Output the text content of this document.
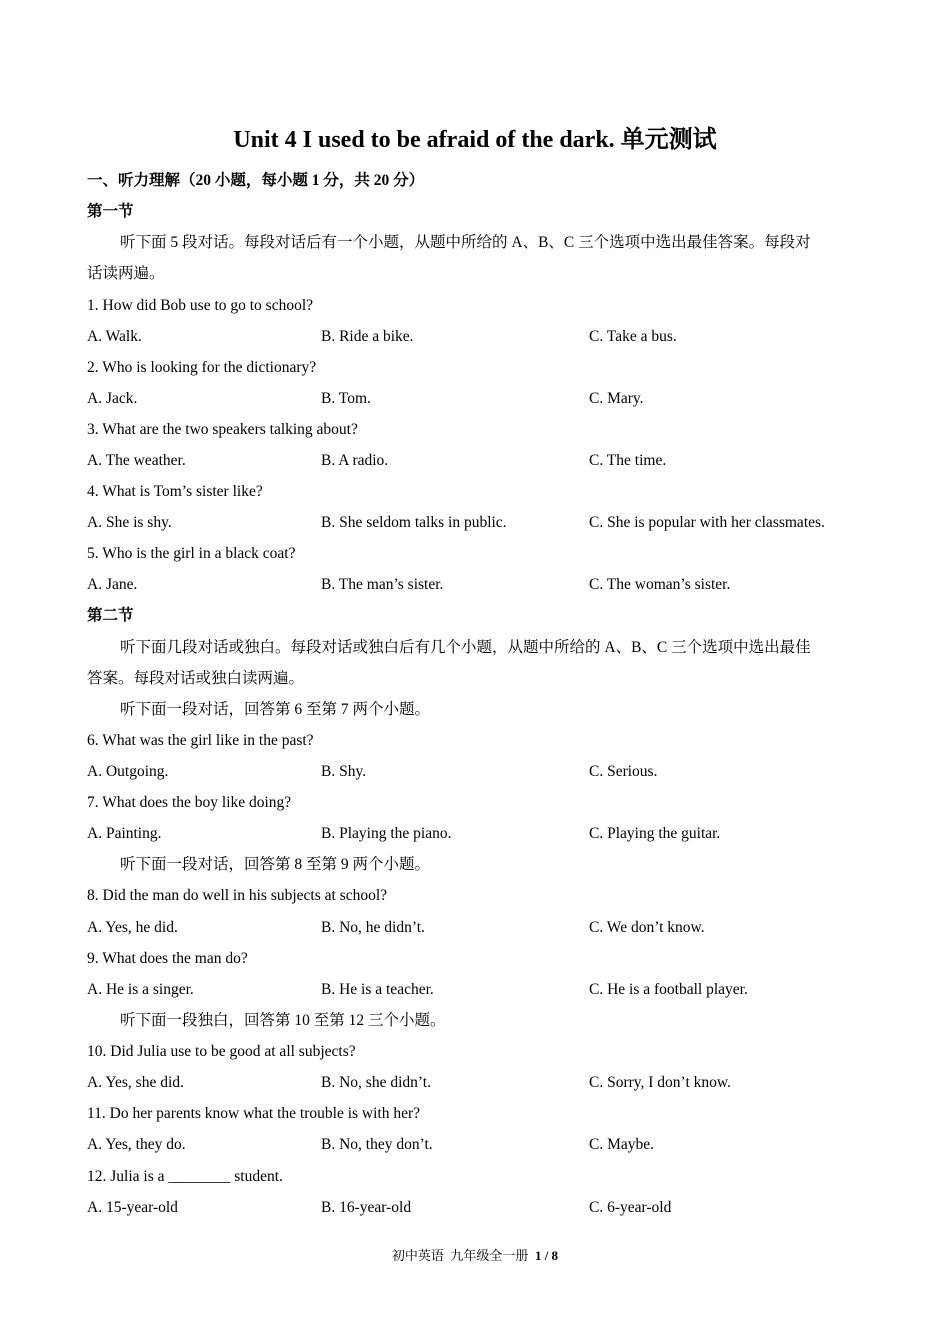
Unit 4 I used to be afraid of the dark. 单元测试
一、听力理解（20 小题，每小题 1 分，共 20 分）
第一节
听下面 5 段对话。每段对话后有一个小题，从题中所给的 A、B、C 三个选项中选出最佳答案。每段对
话读两遍。
1. How did Bob use to go to school?
A. Walk.	B. Ride a bike.	C. Take a bus.
2. Who is looking for the dictionary?
A. Jack.	B. Tom.	C. Mary.
3. What are the two speakers talking about?
A. The weather.	B. A radio.	C. The time.
4. What is Tom’s sister like?
A. She is shy.	B. She seldom talks in public.	C. She is popular with her classmates.
5. Who is the girl in a black coat?
A. Jane.	B. The man’s sister.	C. The woman’s sister.
第二节
听下面几段对话或独白。每段对话或独白后有几个小题，从题中所给的 A、B、C 三个选项中选出最佳
答案。每段对话或独白读两遍。
听下面一段对话，回答第 6 至第 7 两个小题。
6. What was the girl like in the past?
A. Outgoing.	B. Shy.	C. Serious.
7. What does the boy like doing?
A. Painting.	B. Playing the piano.	C. Playing the guitar.
听下面一段对话，回答第 8 至第 9 两个小题。
8. Did the man do well in his subjects at school?
A. Yes, he did.	B. No, he didn’t.	C. We don’t know.
9. What does the man do?
A. He is a singer.	B. He is a teacher.	C. He is a football player.
听下面一段独白，回答第 10 至第 12 三个小题。
10. Did Julia use to be good at all subjects?
A. Yes, she did.	B. No, she didn’t.	C. Sorry, I don’t know.
11. Do her parents know what the trouble is with her?
A. Yes, they do.	B. No, they don’t.	C. Maybe.
12. Julia is a ________ student.
A. 15-year-old	B. 16-year-old	C. 6-year-old
初中英语  九年级全一册  1 / 8
